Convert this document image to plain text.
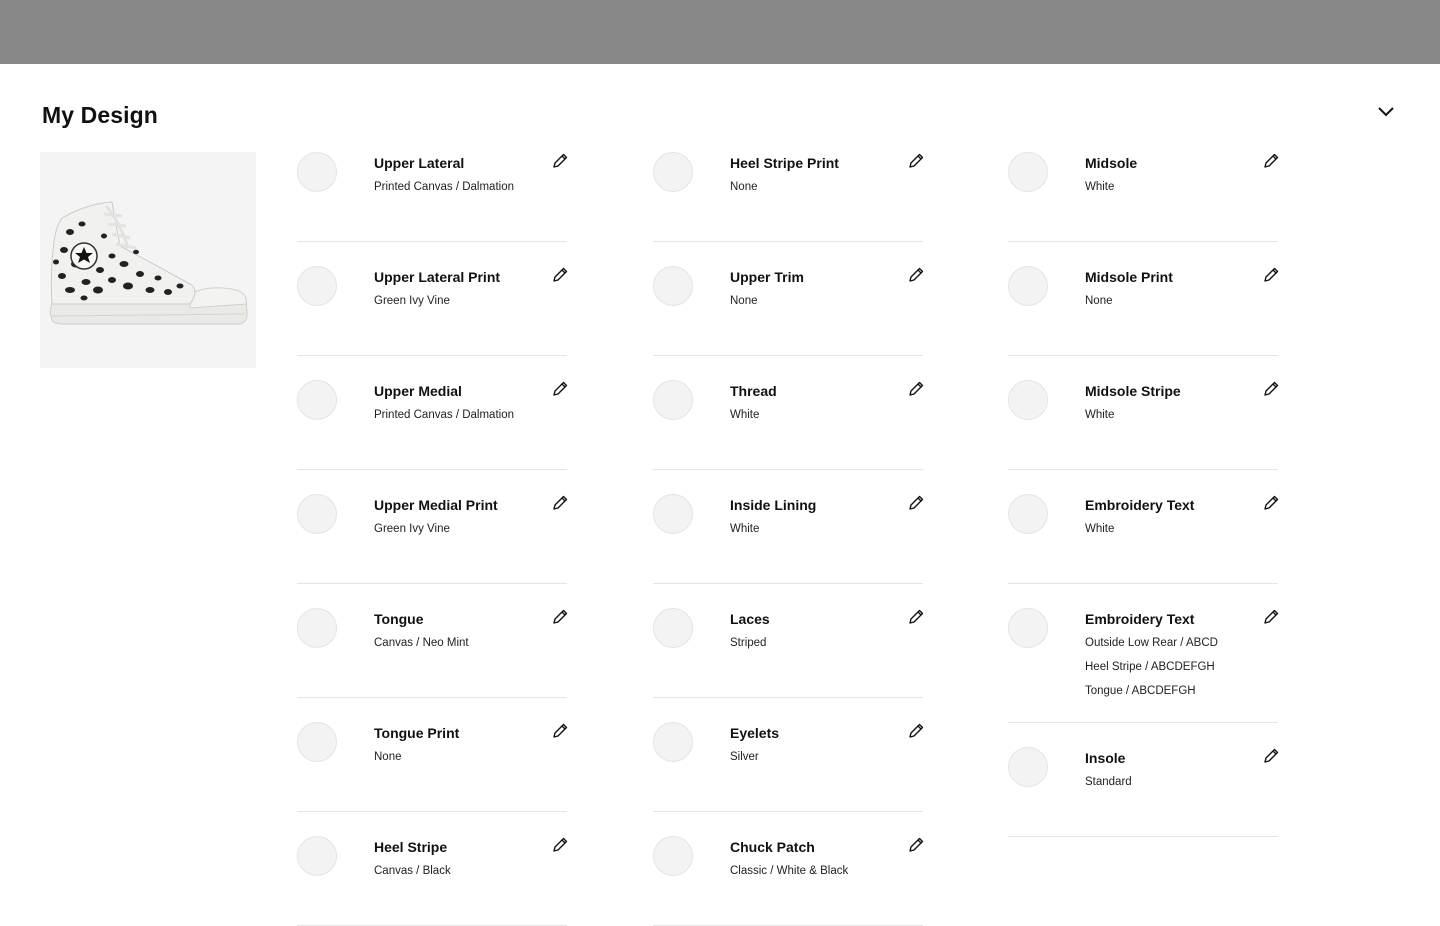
My Design
Upper Lateral
Printed Canvas / Dalmation
Upper Lateral Print
Green Ivy Vine
Upper Medial
Printed Canvas / Dalmation
Upper Medial Print
Green Ivy Vine
Tongue
Canvas / Neo Mint
Tongue Print
None
Heel Stripe
Canvas / Black
Heel Stripe Print
None
Upper Trim
None
Thread
White
Inside Lining
White
Laces
Striped
Eyelets
Silver
Chuck Patch
Classic / White & Black
Midsole
White
Midsole Print
None
Midsole Stripe
White
Embroidery Text
White
Embroidery Text
Outside Low Rear / ABCD
Heel Stripe / ABCDEFGH
Tongue / ABCDEFGH
Insole
Standard
